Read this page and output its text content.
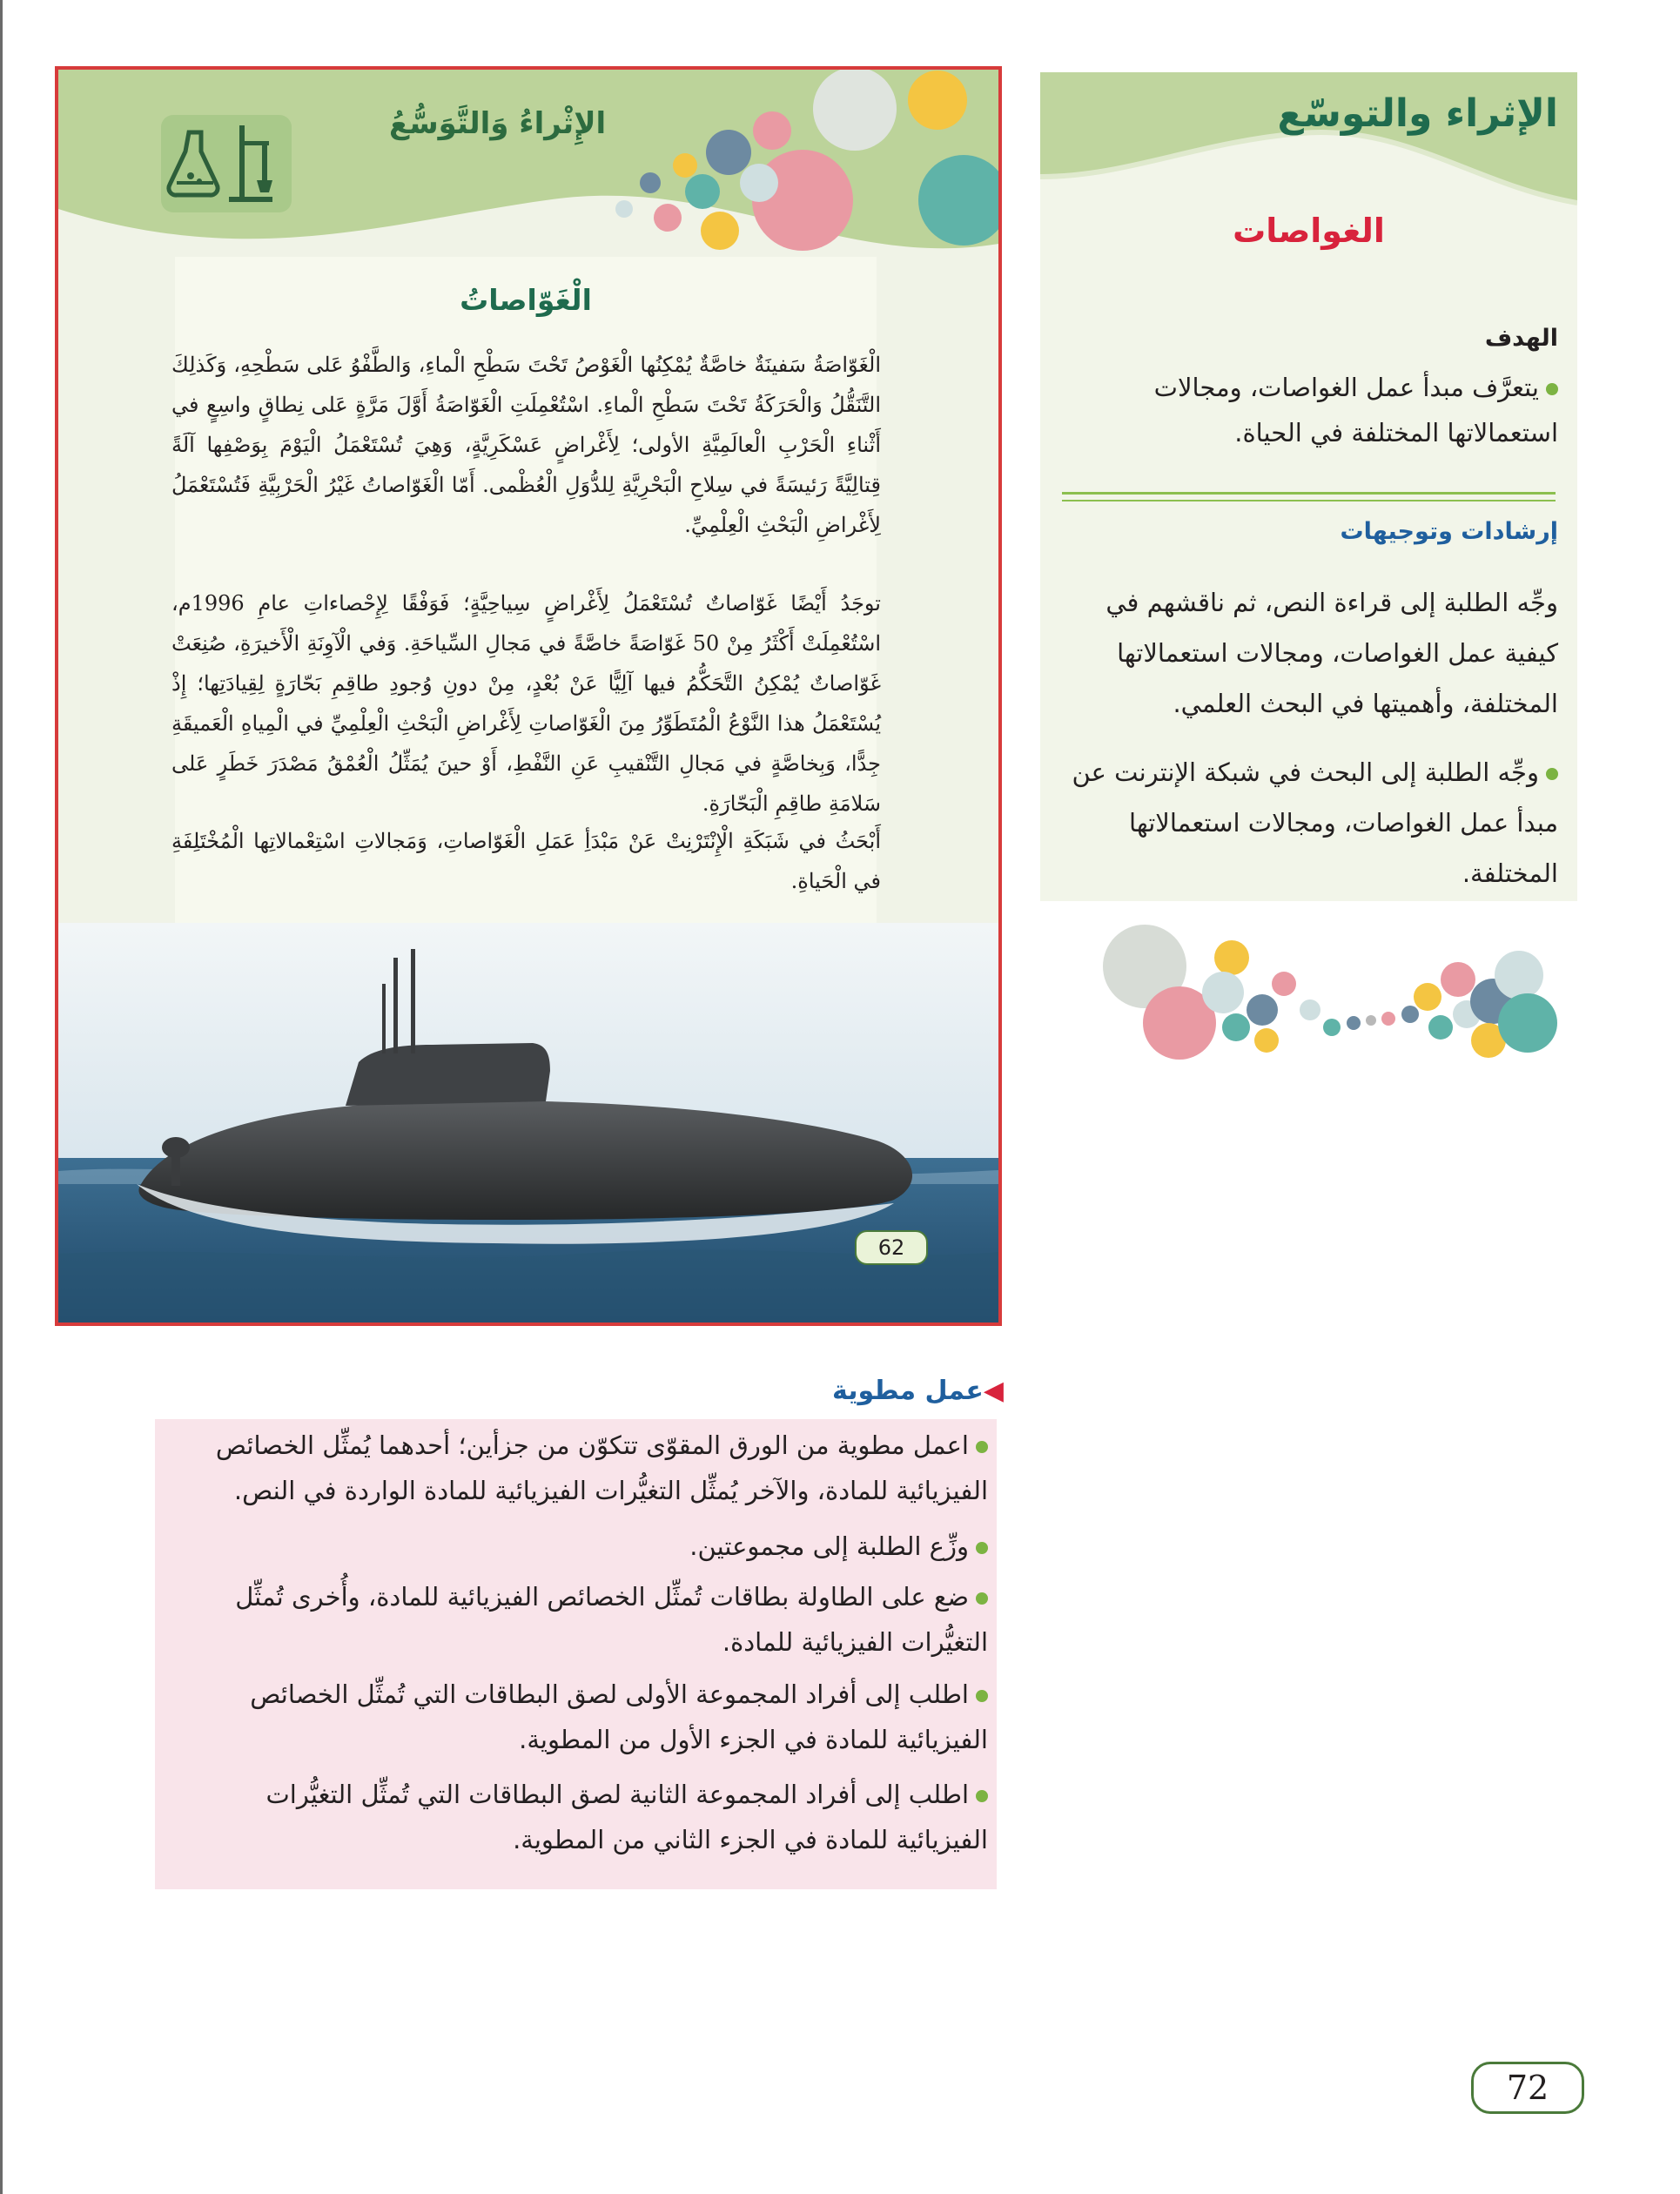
الإثراء والتوسّع
الغواصات
الهدف
يتعرَّف مبدأ عمل الغواصات، ومجالات استعمالاتها المختلفة في الحياة.
إرشادات وتوجيهات
وجِّه الطلبة إلى قراءة النص، ثم ناقشهم في كيفية عمل الغواصات، ومجالات استعمالاتها المختلفة، وأهميتها في البحث العلمي.
وجِّه الطلبة إلى البحث في شبكة الإنترنت عن مبدأ عمل الغواصات، ومجالات استعمالاتها المختلفة.
الإِثْراءُ وَالتَّوَسُّعُ
الْغَوّاصاتُ
الْغَوّاصَةُ سَفينَةٌ خاصَّةٌ يُمْكِنُها الْغَوْصُ تَحْتَ سَطْحِ الْماءِ، وَالطَّفْوُ عَلى سَطْحِهِ، وَكَذلِكَ التَّنَقُّلُ وَالْحَرَكَةُ تَحْتَ سَطْحِ الْماءِ. اسْتُعْمِلَتِ الْغَوّاصَةُ أَوَّلَ مَرَّةٍ عَلى نِطاقٍ واسِعٍ في أَثْناءِ الْحَرْبِ الْعالَمِيَّةِ الأولى؛ لِأَغْراضٍ عَسْكَرِيَّةٍ، وَهِيَ تُسْتَعْمَلُ الْيَوْمَ بِوَصْفِها آلَةً قِتالِيَّةً رَئيسَةً في سِلاحِ الْبَحْرِيَّةِ لِلدُّوَلِ الْعُظْمى. أَمّا الْغَوّاصاتُ غَيْرُ الْحَرْبِيَّةِ فَتُسْتَعْمَلُ لِأَغْراضِ الْبَحْثِ الْعِلْمِيِّ.
توجَدُ أَيْضًا غَوّاصاتٌ تُسْتَعْمَلُ لِأَغْراضٍ سِياحِيَّةٍ؛ فَوَفْقًا لِإِحْصاءاتِ عامِ 1996م، اسْتُعْمِلَتْ أَكْثَرُ مِنْ 50 غَوّاصَةً خاصَّةً في مَجالِ السِّياحَةِ. وَفي الْآوِنَةِ الْأَخيرَةِ، صُنِعَتْ غَوّاصاتٌ يُمْكِنُ التَّحَكُّمُ فيها آلِيًّا عَنْ بُعْدٍ، مِنْ دونِ وُجودِ طاقِمِ بَحّارَةٍ لِقِيادَتِها؛ إِذْ يُسْتَعْمَلُ هذا النَّوْعُ الْمُتَطَوِّرُ مِنَ الْغَوّاصاتِ لِأَغْراضِ الْبَحْثِ الْعِلْمِيِّ في الْمِياهِ الْعَميقَةِ جِدًّا، وَبِخاصَّةٍ في مَجالِ التَّنْقيبِ عَنِ النَّفْطِ، أَوْ حينَ يُمَثِّلُ الْعُمْقُ مَصْدَرَ خَطَرٍ عَلى سَلامَةِ طاقِمِ الْبَحّارَةِ.
أَبْحَثُ في شَبَكَةِ الْإِنْتَرْنِتْ عَنْ مَبْدَأِ عَمَلِ الْغَوّاصاتِ، وَمَجالاتِ اسْتِعْمالاتِها الْمُخْتَلِفَةِ في الْحَياةِ.
62
◀عمل مطوية
اعمل مطوية من الورق المقوّى تتكوّن من جزأين؛ أحدهما يُمثِّل الخصائص الفيزيائية للمادة، والآخر يُمثِّل التغيُّرات الفيزيائية للمادة الواردة في النص.
وزِّع الطلبة إلى مجموعتين.
ضع على الطاولة بطاقات تُمثِّل الخصائص الفيزيائية للمادة، وأُخرى تُمثِّل التغيُّرات الفيزيائية للمادة.
اطلب إلى أفراد المجموعة الأولى لصق البطاقات التي تُمثِّل الخصائص الفيزيائية للمادة في الجزء الأول من المطوية.
اطلب إلى أفراد المجموعة الثانية لصق البطاقات التي تُمثِّل التغيُّرات الفيزيائية للمادة في الجزء الثاني من المطوية.
72
